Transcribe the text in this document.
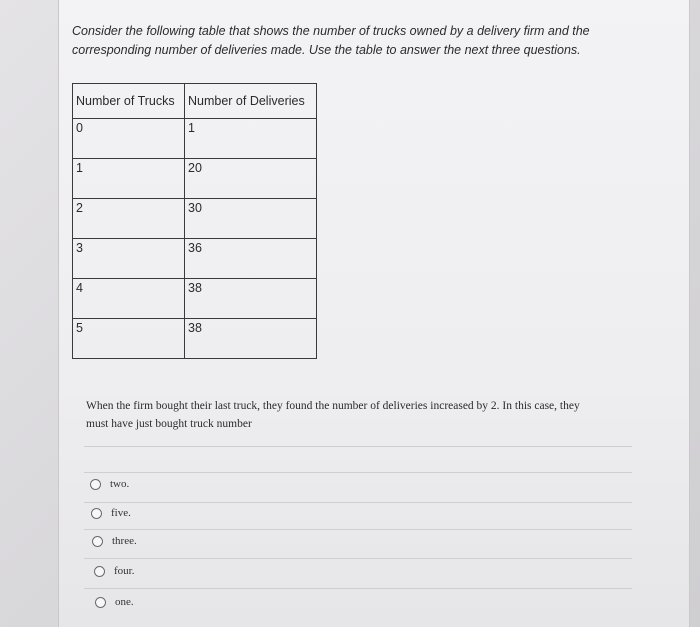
Consider the following table that shows the number of trucks owned by a delivery firm and the
corresponding number of deliveries made. Use the table to answer the next three questions.
Number of Trucks	Number of Deliveries
0	1
1	20
2	30
3	36
4	38
5	38
When the firm bought their last truck, they found the number of deliveries increased by 2. In this case, they
must have just bought truck number
two.
five.
three.
four.
one.
